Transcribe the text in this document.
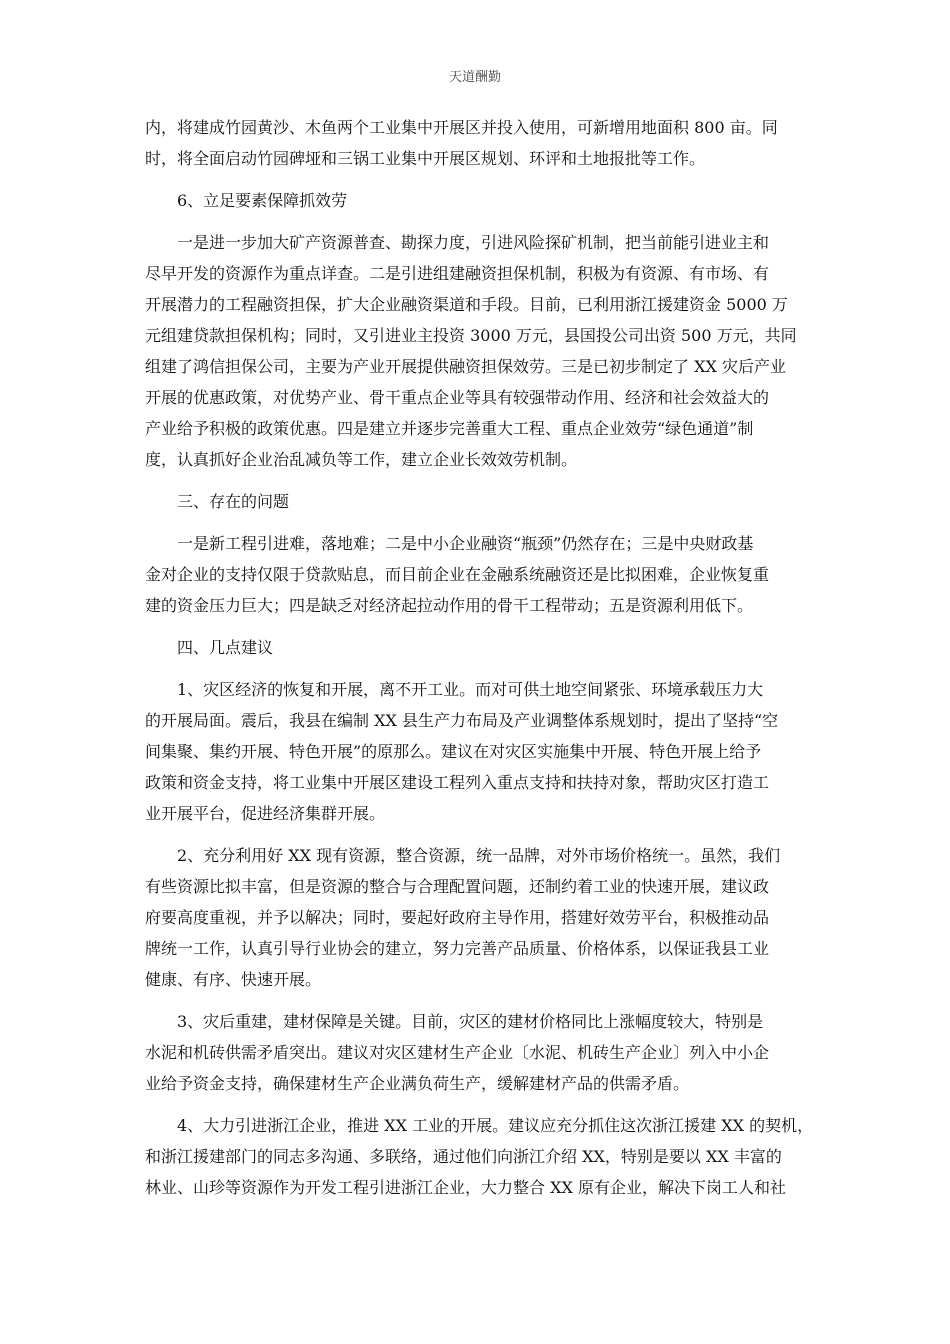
天道酬勤
内，将建成竹园黄沙、木鱼两个工业集中开展区并投入使用，可新增用地面积 800 亩。同
时，将全面启动竹园碑垭和三锅工业集中开展区规划、环评和土地报批等工作。
6、立足要素保障抓效劳
一是进一步加大矿产资源普查、勘探力度，引进风险探矿机制，把当前能引进业主和
尽早开发的资源作为重点详查。二是引进组建融资担保机制，积极为有资源、有市场、有
开展潜力的工程融资担保，扩大企业融资渠道和手段。目前，已利用浙江援建资金 5000 万
元组建贷款担保机构；同时，又引进业主投资 3000 万元，县国投公司出资 500 万元，共同
组建了鸿信担保公司，主要为产业开展提供融资担保效劳。三是已初步制定了 XX 灾后产业
开展的优惠政策，对优势产业、骨干重点企业等具有较强带动作用、经济和社会效益大的
产业给予积极的政策优惠。四是建立并逐步完善重大工程、重点企业效劳“绿色通道”制
度，认真抓好企业治乱减负等工作，建立企业长效效劳机制。
三、存在的问题
一是新工程引进难，落地难；二是中小企业融资“瓶颈”仍然存在；三是中央财政基
金对企业的支持仅限于贷款贴息，而目前企业在金融系统融资还是比拟困难，企业恢复重
建的资金压力巨大；四是缺乏对经济起拉动作用的骨干工程带动；五是资源利用低下。
四、几点建议
1、灾区经济的恢复和开展，离不开工业。而对可供土地空间紧张、环境承载压力大
的开展局面。震后，我县在编制 XX 县生产力布局及产业调整体系规划时，提出了坚持“空
间集聚、集约开展、特色开展”的原那么。建议在对灾区实施集中开展、特色开展上给予
政策和资金支持，将工业集中开展区建设工程列入重点支持和扶持对象，帮助灾区打造工
业开展平台，促进经济集群开展。
2、充分利用好 XX 现有资源，整合资源，统一品牌，对外市场价格统一。虽然，我们
有些资源比拟丰富，但是资源的整合与合理配置问题，还制约着工业的快速开展，建议政
府要高度重视，并予以解决；同时，要起好政府主导作用，搭建好效劳平台，积极推动品
牌统一工作，认真引导行业协会的建立，努力完善产品质量、价格体系，以保证我县工业
健康、有序、快速开展。
3、灾后重建，建材保障是关键。目前，灾区的建材价格同比上涨幅度较大，特别是
水泥和机砖供需矛盾突出。建议对灾区建材生产企业〔水泥、机砖生产企业〕列入中小企
业给予资金支持，确保建材生产企业满负荷生产，缓解建材产品的供需矛盾。
4、大力引进浙江企业，推进 XX 工业的开展。建议应充分抓住这次浙江援建 XX 的契机，
和浙江援建部门的同志多沟通、多联络，通过他们向浙江介绍 XX，特别是要以 XX 丰富的
林业、山珍等资源作为开发工程引进浙江企业，大力整合 XX 原有企业，解决下岗工人和社
